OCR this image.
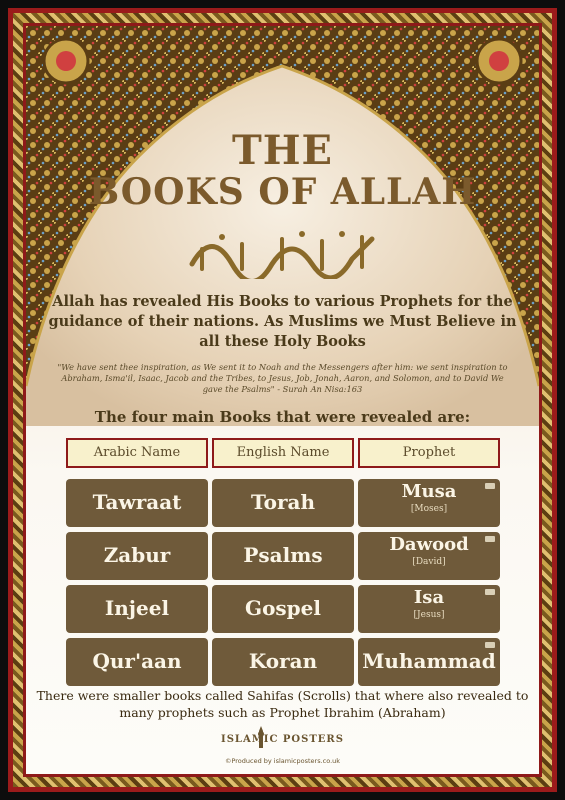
THE
BOOKS OF ALLAH
Allah has revealed His Books to various Prophets for the guidance of their nations. As Muslims we Must Believe in all these Holy Books
"We have sent thee inspiration, as We sent it to Noah and the Messengers after him: we sent inspiration to Abraham, Isma'il, Isaac, Jacob and the Tribes, to Jesus, Job, Jonah, Aaron, and Solomon, and to David We gave the Psalms" - Surah An Nisa:163
The four main Books that were revealed are:
Arabic Name	English Name	Prophet
Tawraat	Torah	Musa
[Moses]
Zabur	Psalms	Dawood
[David]
Injeel	Gospel	Isa
[Jesus]
Qur'aan	Koran	Muhammad
There were smaller books called Sahifas (Scrolls) that where also revealed to many prophets such as Prophet Ibrahim (Abraham)
ISLAMIC POSTERS
©Produced by islamicposters.co.uk
